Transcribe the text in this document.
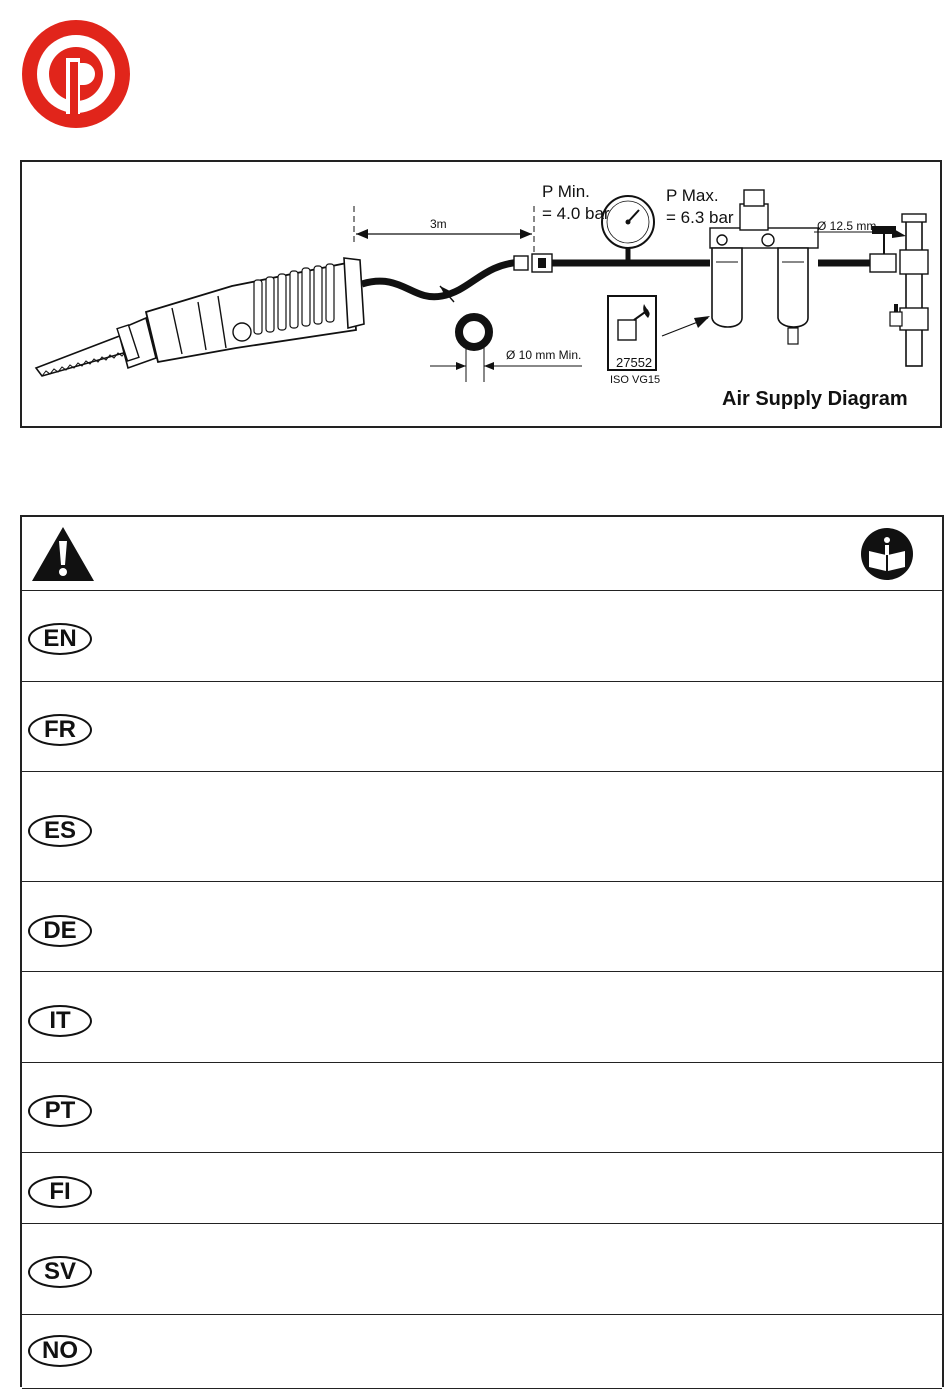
P Min.
= 4.0 bar
P Max.
= 6.3 bar
3m	Ø 12.5 mm
Ø 10 mm Min.	27552
ISO VG15
Air Supply Diagram
EN
FR
ES
DE
IT
PT
FI
SV
NO
